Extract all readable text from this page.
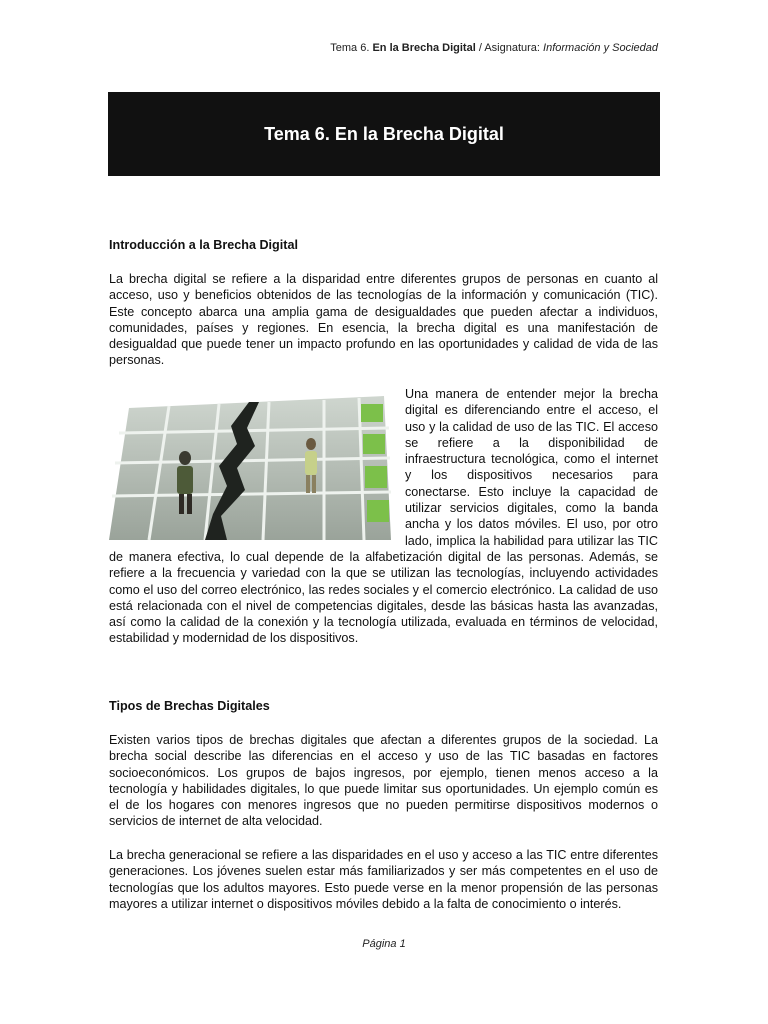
Tema 6. En la Brecha Digital / Asignatura: Información y Sociedad
Tema 6. En la Brecha Digital
Introducción a la Brecha Digital

La brecha digital se refiere a la disparidad entre diferentes grupos de personas en cuanto al acceso, uso y beneficios obtenidos de las tecnologías de la información y comunicación (TIC). Este concepto abarca una amplia gama de desigualdades que pueden afectar a individuos, comunidades, países y regiones. En esencia, la brecha digital es una manifestación de desigualdad que puede tener un impacto profundo en las oportunidades y calidad de vida de las personas.

Una manera de entender mejor la brecha digital es diferenciando entre el acceso, el uso y la calidad de uso de las TIC. El acceso se refiere a la disponibilidad de infraestructura tecnológica, como el internet y los dispositivos necesarios para conectarse. Esto incluye la capacidad de utilizar servicios digitales, como la banda ancha y los datos móviles. El uso, por otro lado, implica la habilidad para utilizar las TIC de manera efectiva, lo cual depende de la alfabetización digital de las personas. Además, se refiere a la frecuencia y variedad con la que se utilizan las tecnologías, incluyendo actividades como el uso del correo electrónico, las redes sociales y el comercio electrónico. La calidad de uso está relacionada con el nivel de competencias digitales, desde las básicas hasta las avanzadas, así como la calidad de la conexión y la tecnología utilizada, evaluada en términos de velocidad, estabilidad y modernidad de los dispositivos.

Tipos de Brechas Digitales

Existen varios tipos de brechas digitales que afectan a diferentes grupos de la sociedad. La brecha social describe las diferencias en el acceso y uso de las TIC basadas en factores socioeconómicos. Los grupos de bajos ingresos, por ejemplo, tienen menos acceso a la tecnología y habilidades digitales, lo que puede limitar sus oportunidades. Un ejemplo común es el de los hogares con menores ingresos que no pueden permitirse dispositivos modernos o servicios de internet de alta velocidad.

La brecha generacional se refiere a las disparidades en el uso y acceso a las TIC entre diferentes generaciones. Los jóvenes suelen estar más familiarizados y ser más competentes en el uso de tecnologías que los adultos mayores. Esto puede verse en la menor propensión de las personas mayores a utilizar internet o dispositivos móviles debido a la falta de conocimiento o interés.

Página 1
